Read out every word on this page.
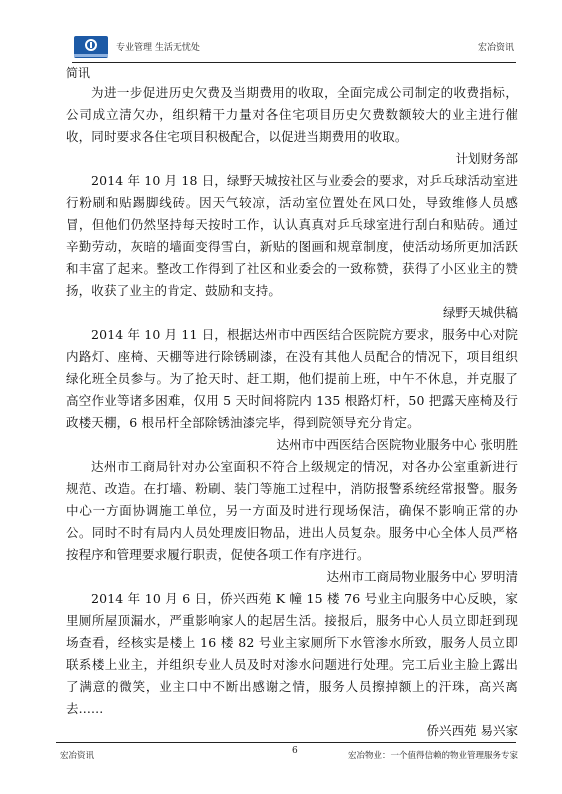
专业管理 生活无忧处	宏冶资讯
简讯

为进一步促进历史欠费及当期费用的收取，全面完成公司制定的收费指标，公司成立清欠办，组织精干力量对各住宅项目历史欠费数额较大的业主进行催收，同时要求各住宅项目积极配合，以促进当期费用的收取。

计划财务部

2014 年 10 月 18 日，绿野天城按社区与业委会的要求，对乒乓球活动室进行粉刷和贴踢脚线砖。因天气较凉，活动室位置处在风口处，导致维修人员感冒，但他们仍然坚持每天按时工作，认认真真对乒乓球室进行刮白和贴砖。通过辛勤劳动，灰暗的墙面变得雪白，新贴的图画和规章制度，使活动场所更加活跃和丰富了起来。整改工作得到了社区和业委会的一致称赞，获得了小区业主的赞扬，收获了业主的肯定、鼓励和支持。

绿野天城供稿

2014 年 10 月 11 日，根据达州市中西医结合医院院方要求，服务中心对院内路灯、座椅、天棚等进行除锈刷漆，在没有其他人员配合的情况下，项目组织绿化班全员参与。为了抢天时、赶工期，他们提前上班，中午不休息，并克服了高空作业等诸多困难，仅用 5 天时间将院内 135 根路灯杆，50 把露天座椅及行政楼天棚，6 根吊杆全部除锈油漆完毕，得到院领导充分肯定。

达州市中西医结合医院物业服务中心 张明胜

达州市工商局针对办公室面积不符合上级规定的情况，对各办公室重新进行规范、改造。在打墙、粉刷、装门等施工过程中，消防报警系统经常报警。服务中心一方面协调施工单位，另一方面及时进行现场保洁，确保不影响正常的办公。同时不时有局内人员处理废旧物品，进出人员复杂。服务中心全体人员严格按程序和管理要求履行职责，促使各项工作有序进行。

达州市工商局物业服务中心 罗明清

2014 年 10 月 6 日，侨兴西苑 K 幢 15 楼 76 号业主向服务中心反映，家里厕所屋顶漏水，严重影响家人的起居生活。接报后，服务中心人员立即赶到现场查看，经核实是楼上 16 楼 82 号业主家厕所下水管渗水所致，服务人员立即联系楼上业主，并组织专业人员及时对渗水问题进行处理。完工后业主脸上露出了满意的微笑，业主口中不断出感谢之情，服务人员擦掉额上的汗珠，高兴离去......

侨兴西苑 易兴家
宏冶资讯	6	宏冶物业：一个值得信赖的物业管理服务专家
